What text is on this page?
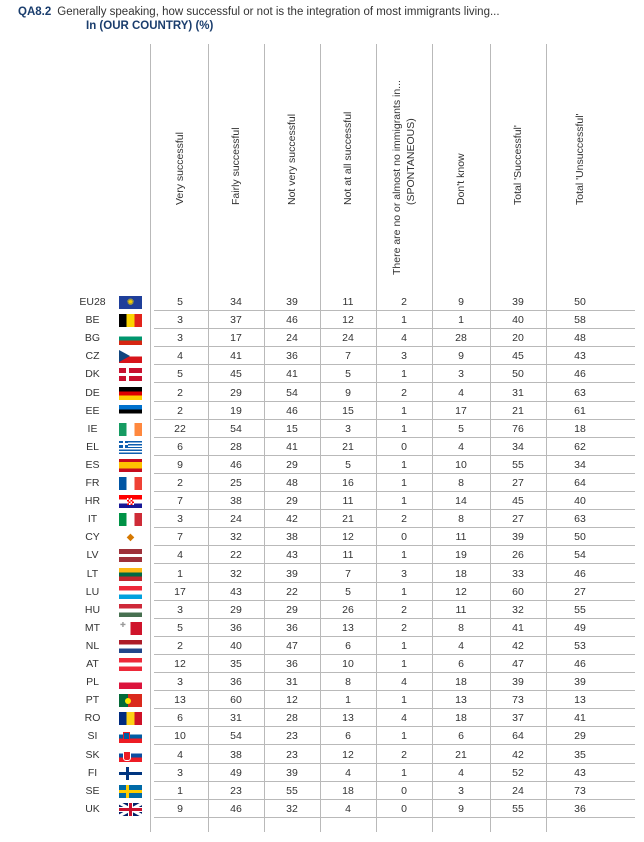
QA8.2 Generally speaking, how successful or not is the integration of most immigrants living...
In (OUR COUNTRY) (%)
Very successful	Fairly successful	Not very successful	Not at all successful	There are no or almost no immigrants in... (SPONTANEOUS)	Don't know	Total 'Successful'	Total 'Unsuccessful'
EU28	✺	5	34	39	11	2	9	39	50
BE	3	37	46	12	1	1	40	58
BG	3	17	24	24	4	28	20	48
CZ	4	41	36	7	3	9	45	43
DK	5	45	41	5	1	3	50	46
DE	2	29	54	9	2	4	31	63
EE	2	19	46	15	1	17	21	61
IE	22	54	15	3	1	5	76	18
EL	6	28	41	21	0	4	34	62
ES	9	46	29	5	1	10	55	34
FR	2	25	48	16	1	8	27	64
HR	7	38	29	11	1	14	45	40
IT	3	24	42	21	2	8	27	63
CY	◆	7	32	38	12	0	11	39	50
LV	4	22	43	11	1	19	26	54
LT	1	32	39	7	3	18	33	46
LU	17	43	22	5	1	12	60	27
HU	3	29	29	26	2	11	32	55
MT	✚	5	36	36	13	2	8	41	49
NL	2	40	47	6	1	4	42	53
AT	12	35	36	10	1	6	47	46
PL	3	36	31	8	4	18	39	39
PT	13	60	12	1	1	13	73	13
RO	6	31	28	13	4	18	37	41
SI	10	54	23	6	1	6	64	29
SK	4	38	23	12	2	21	42	35
FI	3	49	39	4	1	4	52	43
SE	1	23	55	18	0	3	24	73
UK	9	46	32	4	0	9	55	36
